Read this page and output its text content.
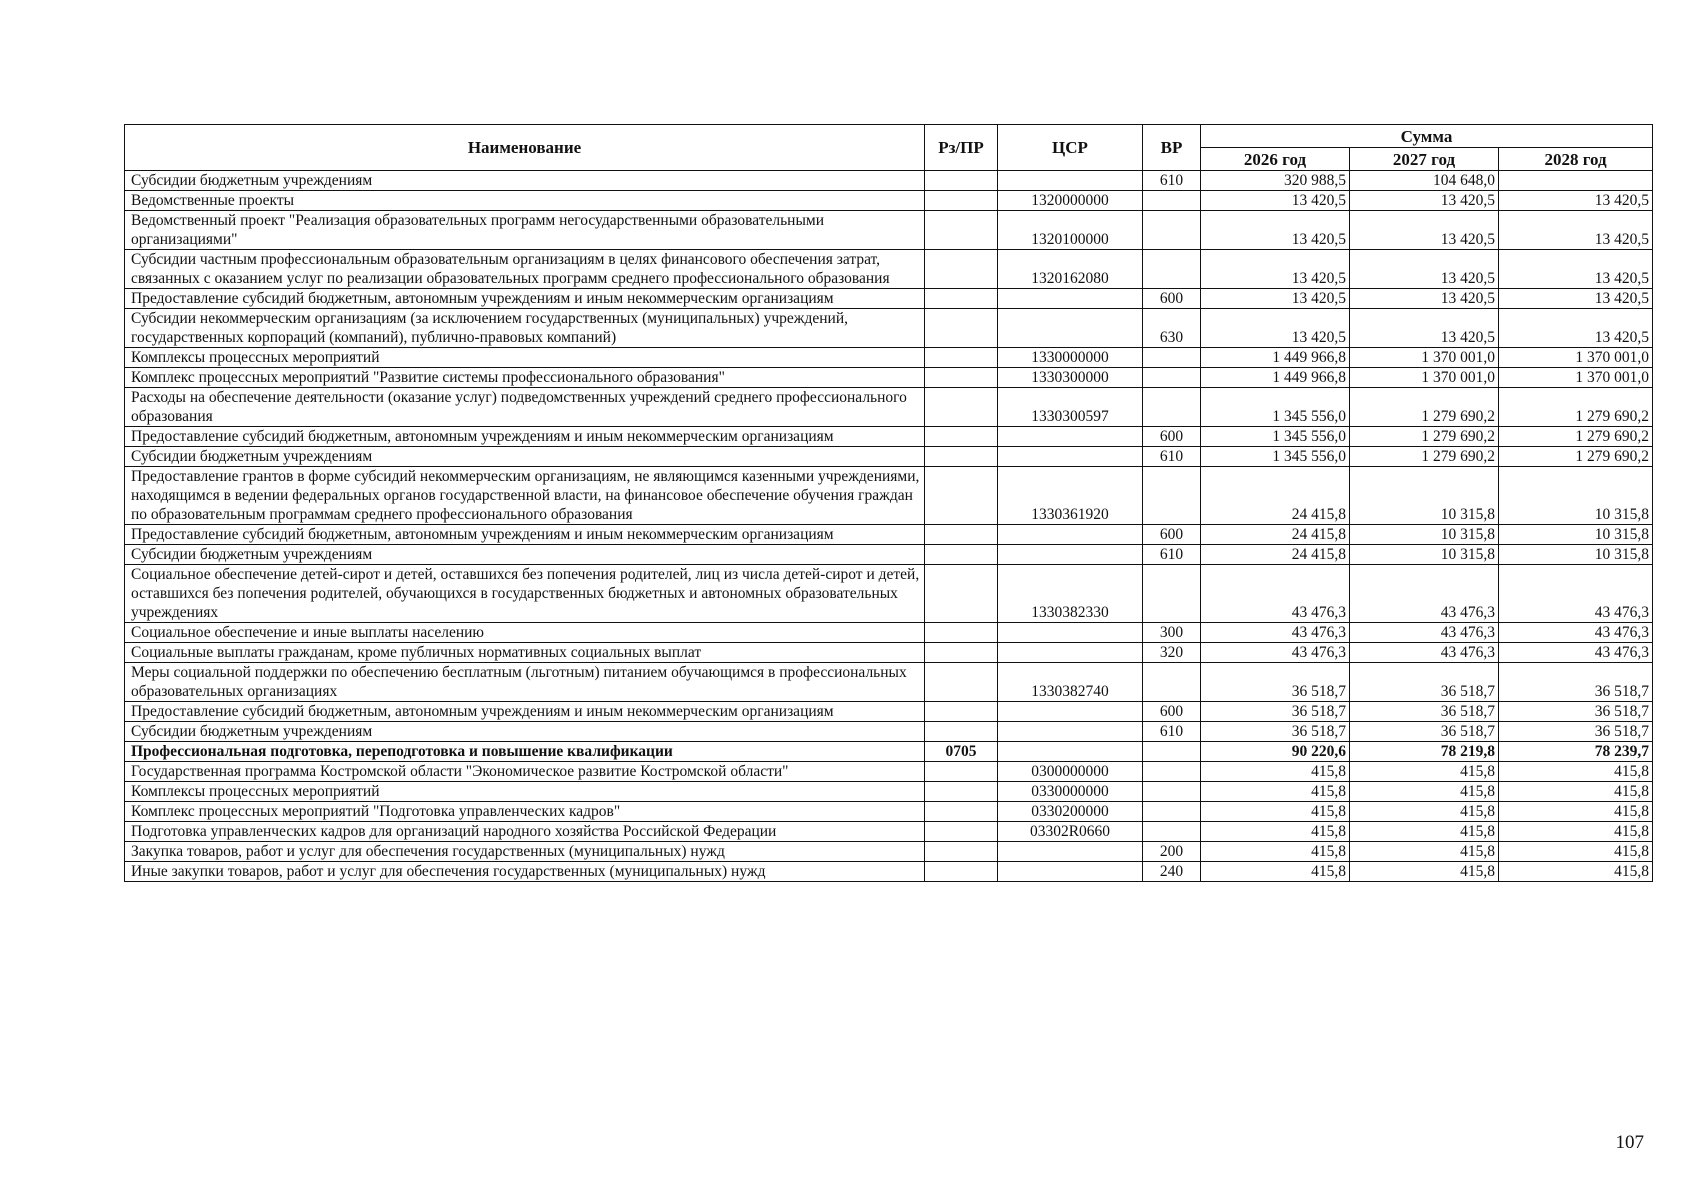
Наименование	Рз/ПР	ЦСР	ВР	Сумма		
				2026 год	2027 год	2028 год
Субсидии бюджетным учреждениям			610	320 988,5	104 648,0	
Ведомственные проекты		1320000000		13 420,5	13 420,5	13 420,5
Ведомственный проект "Реализация образовательных программ негосударственными образовательными организациями"		1320100000		13 420,5	13 420,5	13 420,5
Субсидии частным профессиональным образовательным организациям в целях финансового обеспечения затрат, связанных с оказанием услуг по реализации образовательных программ среднего профессионального образования		1320162080		13 420,5	13 420,5	13 420,5
Предоставление субсидий бюджетным, автономным учреждениям и иным некоммерческим организациям			600	13 420,5	13 420,5	13 420,5
Субсидии некоммерческим организациям (за исключением государственных (муниципальных) учреждений, государственных корпораций (компаний), публично-правовых компаний)			630	13 420,5	13 420,5	13 420,5
Комплексы процессных мероприятий		1330000000		1 449 966,8	1 370 001,0	1 370 001,0
Комплекс процессных мероприятий "Развитие системы профессионального образования"		1330300000		1 449 966,8	1 370 001,0	1 370 001,0
Расходы на обеспечение деятельности (оказание услуг) подведомственных учреждений среднего профессионального образования		1330300597		1 345 556,0	1 279 690,2	1 279 690,2
Предоставление субсидий бюджетным, автономным учреждениям и иным некоммерческим организациям			600	1 345 556,0	1 279 690,2	1 279 690,2
Субсидии бюджетным учреждениям			610	1 345 556,0	1 279 690,2	1 279 690,2
Предоставление грантов в форме субсидий некоммерческим организациям, не являющимся казенными учреждениями, находящимся в ведении федеральных органов государственной власти, на финансовое обеспечение обучения граждан по образовательным программам среднего профессионального образования		1330361920		24 415,8	10 315,8	10 315,8
Предоставление субсидий бюджетным, автономным учреждениям и иным некоммерческим организациям			600	24 415,8	10 315,8	10 315,8
Субсидии бюджетным учреждениям			610	24 415,8	10 315,8	10 315,8
Социальное обеспечение детей-сирот и детей, оставшихся без попечения родителей, лиц из числа детей-сирот и детей, оставшихся без попечения родителей, обучающихся в государственных бюджетных и автономных образовательных учреждениях		1330382330		43 476,3	43 476,3	43 476,3
Социальное обеспечение и иные выплаты населению			300	43 476,3	43 476,3	43 476,3
Социальные выплаты гражданам, кроме публичных нормативных социальных выплат			320	43 476,3	43 476,3	43 476,3
Меры социальной поддержки по обеспечению бесплатным (льготным) питанием обучающимся в профессиональных образовательных организациях		1330382740		36 518,7	36 518,7	36 518,7
Предоставление субсидий бюджетным, автономным учреждениям и иным некоммерческим организациям			600	36 518,7	36 518,7	36 518,7
Субсидии бюджетным учреждениям			610	36 518,7	36 518,7	36 518,7
Профессиональная подготовка, переподготовка и повышение квалификации	0705			90 220,6	78 219,8	78 239,7
Государственная программа Костромской области "Экономическое развитие Костромской области"		0300000000		415,8	415,8	415,8
Комплексы процессных мероприятий		0330000000		415,8	415,8	415,8
Комплекс процессных мероприятий "Подготовка управленческих кадров"		0330200000		415,8	415,8	415,8
Подготовка управленческих кадров для организаций народного хозяйства Российской Федерации		03302R0660		415,8	415,8	415,8
Закупка товаров, работ и услуг для обеспечения государственных (муниципальных) нужд			200	415,8	415,8	415,8
Иные закупки товаров, работ и услуг для обеспечения государственных (муниципальных) нужд			240	415,8	415,8	415,8
107
